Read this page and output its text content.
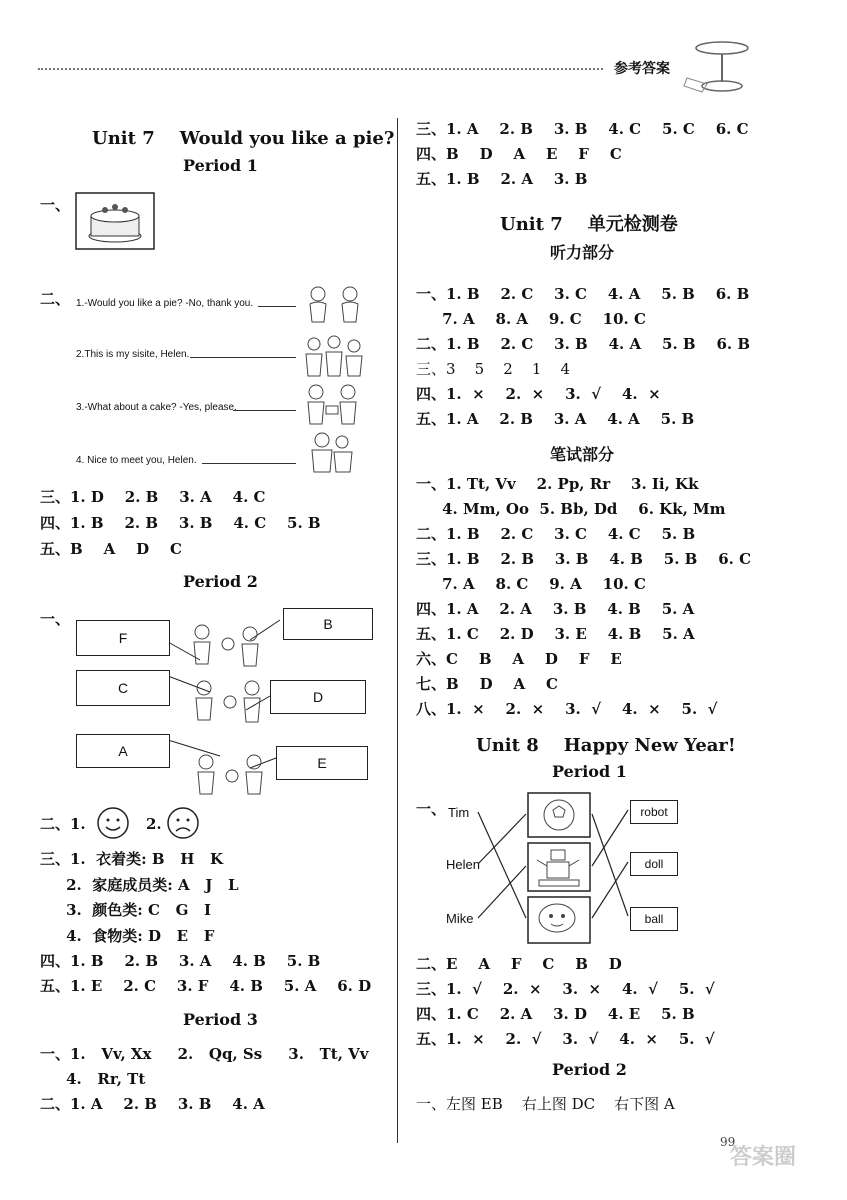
参考答案
Unit 7    Would you like a pie?
Period 1
一、
二、 1.-Would you like a pie? -No, thank you.
2.This is my sisite, Helen.
3.-What about a cake? -Yes, please.
4. Nice to meet you, Helen.
三、1. D    2. B    3. A    4. C
四、1. B    2. B    3. B    4. C    5. B
五、B    A    D    C
Period 2
一、
F
B
C
D
A
E
二、1.	2.
三、1.  衣着类: B   H   K
2.  家庭成员类: A   J   L
3.  颜色类: C   G   I
4.  食物类: D   E   F
四、1. B    2. B    3. A    4. B    5. B
五、1. E    2. C    3. F    4. B    5. A    6. D
Period 3
一、1.   Vv, Xx     2.   Qq, Ss     3.   Tt, Vv
4.   Rr, Tt
二、1. A    2. B    3. B    4. A
三、1. A    2. B    3. B    4. C    5. C    6. C
四、B    D    A    E    F    C
五、1. B    2. A    3. B
Unit 7    单元检测卷
听力部分
一、1. B    2. C    3. C    4. A    5. B    6. B
7. A    8. A    9. C    10. C
二、1. B    2. C    3. B    4. A    5. B    6. B
三、3    5    2    1    4
四、1.  ×    2.  ×    3.  √    4.  ×
五、1. A    2. B    3. A    4. A    5. B
笔试部分
一、1. Tt, Vv    2. Pp, Rr    3. Ii, Kk
4. Mm, Oo  5. Bb, Dd    6. Kk, Mm
二、1. B    2. C    3. C    4. C    5. B
三、1. B    2. B    3. B    4. B    5. B    6. C
7. A    8. C    9. A    10. C
四、1. A    2. A    3. B    4. B    5. A
五、1. C    2. D    3. E    4. B    5. A
六、C    B    A    D    F    E
七、B    D    A    C
八、1.  ×    2.  ×    3.  √    4.  ×    5.  √
Unit 8    Happy New Year!
Period 1
一、 Tim
Helen
Mike
robot
doll
ball
二、E    A    F    C    B    D
三、1.  √    2.  ×    3.  ×    4.  √    5.  √
四、1. C    2. A    3. D    4. E    5. B
五、1.  ×    2.  √    3.  √    4.  ×    5.  √
Period 2
一、左图 EB    右上图 DC    右下图 A
99
答案圈
